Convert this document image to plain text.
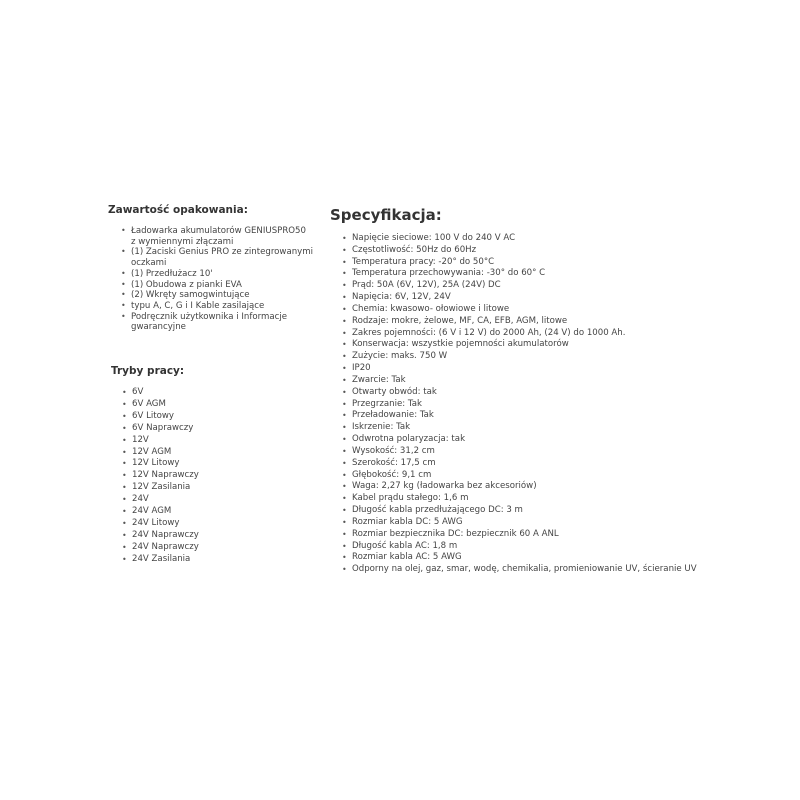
Zawartość opakowania:
• Ładowarka akumulatorów GENIUSPRO50 z wymiennymi złączami
• (1) Zaciski Genius PRO ze zintegrowanymi oczkami
• (1) Przedłużacz 10'
• (1) Obudowa z pianki EVA
• (2) Wkręty samogwintujące
• typu A, C, G i I Kable zasilające
• Podręcznik użytkownika i Informacje gwarancyjne
Tryby pracy:
• 6V
• 6V AGM
• 6V Litowy
• 6V Naprawczy
• 12V
• 12V AGM
• 12V Litowy
• 12V Naprawczy
• 12V Zasilania
• 24V
• 24V AGM
• 24V Litowy
• 24V Naprawczy
• 24V Naprawczy
• 24V Zasilania
Specyfikacja:
• Napięcie sieciowe: 100 V do 240 V AC
• Częstotliwość: 50Hz do 60Hz
• Temperatura pracy: -20° do 50°C
• Temperatura przechowywania: -30° do 60° C
• Prąd: 50A (6V, 12V), 25A (24V) DC
• Napięcia: 6V, 12V, 24V
• Chemia: kwasowo- ołowiowe i litowe
• Rodzaje: mokre, żelowe, MF, CA, EFB, AGM, litowe
• Zakres pojemności: (6 V i 12 V) do 2000 Ah, (24 V) do 1000 Ah.
• Konserwacja: wszystkie pojemności akumulatorów
• Zużycie: maks. 750 W
• IP20
• Zwarcie: Tak
• Otwarty obwód: tak
• Przegrzanie: Tak
• Przeładowanie: Tak
• Iskrzenie: Tak
• Odwrotna polaryzacja: tak
• Wysokość: 31,2 cm
• Szerokość: 17,5 cm
• Głębokość: 9,1 cm
• Waga: 2,27 kg (ładowarka bez akcesoriów)
• Kabel prądu stałego: 1,6 m
• Długość kabla przedłużającego DC: 3 m
• Rozmiar kabla DC: 5 AWG
• Rozmiar bezpiecznika DC: bezpiecznik 60 A ANL
• Długość kabla AC: 1,8 m
• Rozmiar kabla AC: 5 AWG
• Odporny na olej, gaz, smar, wodę, chemikalia, promieniowanie UV, ścieranie UV
